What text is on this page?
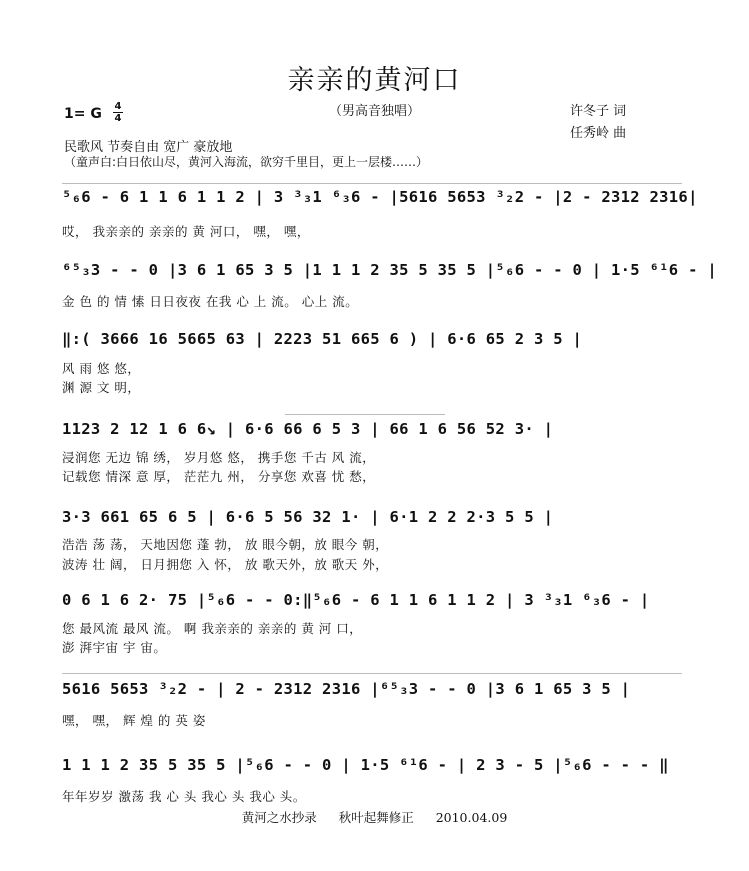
亲亲的黄河口
（男高音独唱）
1= G 4
4	许冬子 词
任秀岭 曲
民歌风 节奏自由 宽广 豪放地
（童声白:白日依山尽，黄河入海流，欲穷千里目，更上一层楼……）
⁵₆6 - 6 1 1 6 1 1 2 | 3 ³₃1 ⁶₃6 - |5616 5653 ³₂2 - |2 - 2312 2316|
哎， 我亲亲的 亲亲的 黄 河口， 嘿， 嘿，
⁶⁵₃3 - - 0 |3 6 1 65 3 5 |1 1 1 2 35 5 35 5 |⁵₆6 - - 0 | 1·5 ⁶¹6 - |
金 色 的 情 愫 日日夜夜 在我 心 上 流。 心上 流。
‖:( 3666 16 5665 63 | 2223 51 665 6 ) | 6·6 65 2 3 5 |
风 雨 悠 悠，
渊 源 文 明，
1123 2 12 1 6 6↘ | 6·6 66 6 5 3 | 66 1 6 56 52 3· |
浸润您 无边 锦 绣， 岁月悠 悠， 携手您 千古 风 流，
记载您 情深 意 厚， 茫茫九 州， 分享您 欢喜 忧 愁，
3·3 661 65 6 5 | 6·6 5 56 32 1· | 6·1 2 2 2·3 5 5 |
浩浩 荡 荡， 天地因您 蓬 勃， 放 眼今朝，放 眼今 朝，
波涛 壮 阔， 日月拥您 入 怀， 放 歌天外，放 歌天 外，
0 6 1 6 2· 75 |⁵₆6 - - 0:‖⁵₆6 - 6 1 1 6 1 1 2 | 3 ³₃1 ⁶₃6 - |
您 最风流 最风 流。 啊 我亲亲的 亲亲的 黄 河 口，
澎 湃宇宙 宇 宙。
5616 5653 ³₂2 - | 2 - 2312 2316 |⁶⁵₃3 - - 0 |3 6 1 65 3 5 |
嘿， 嘿， 辉 煌 的 英 姿
1 1 1 2 35 5 35 5 |⁵₆6 - - 0 | 1·5 ⁶¹6 - | 2 3 - 5 |⁵₆6 - - - ‖
年年岁岁 激荡 我 心 头 我心 头 我心 头。
黄河之水抄录 秋叶起舞修正 2010.04.09
